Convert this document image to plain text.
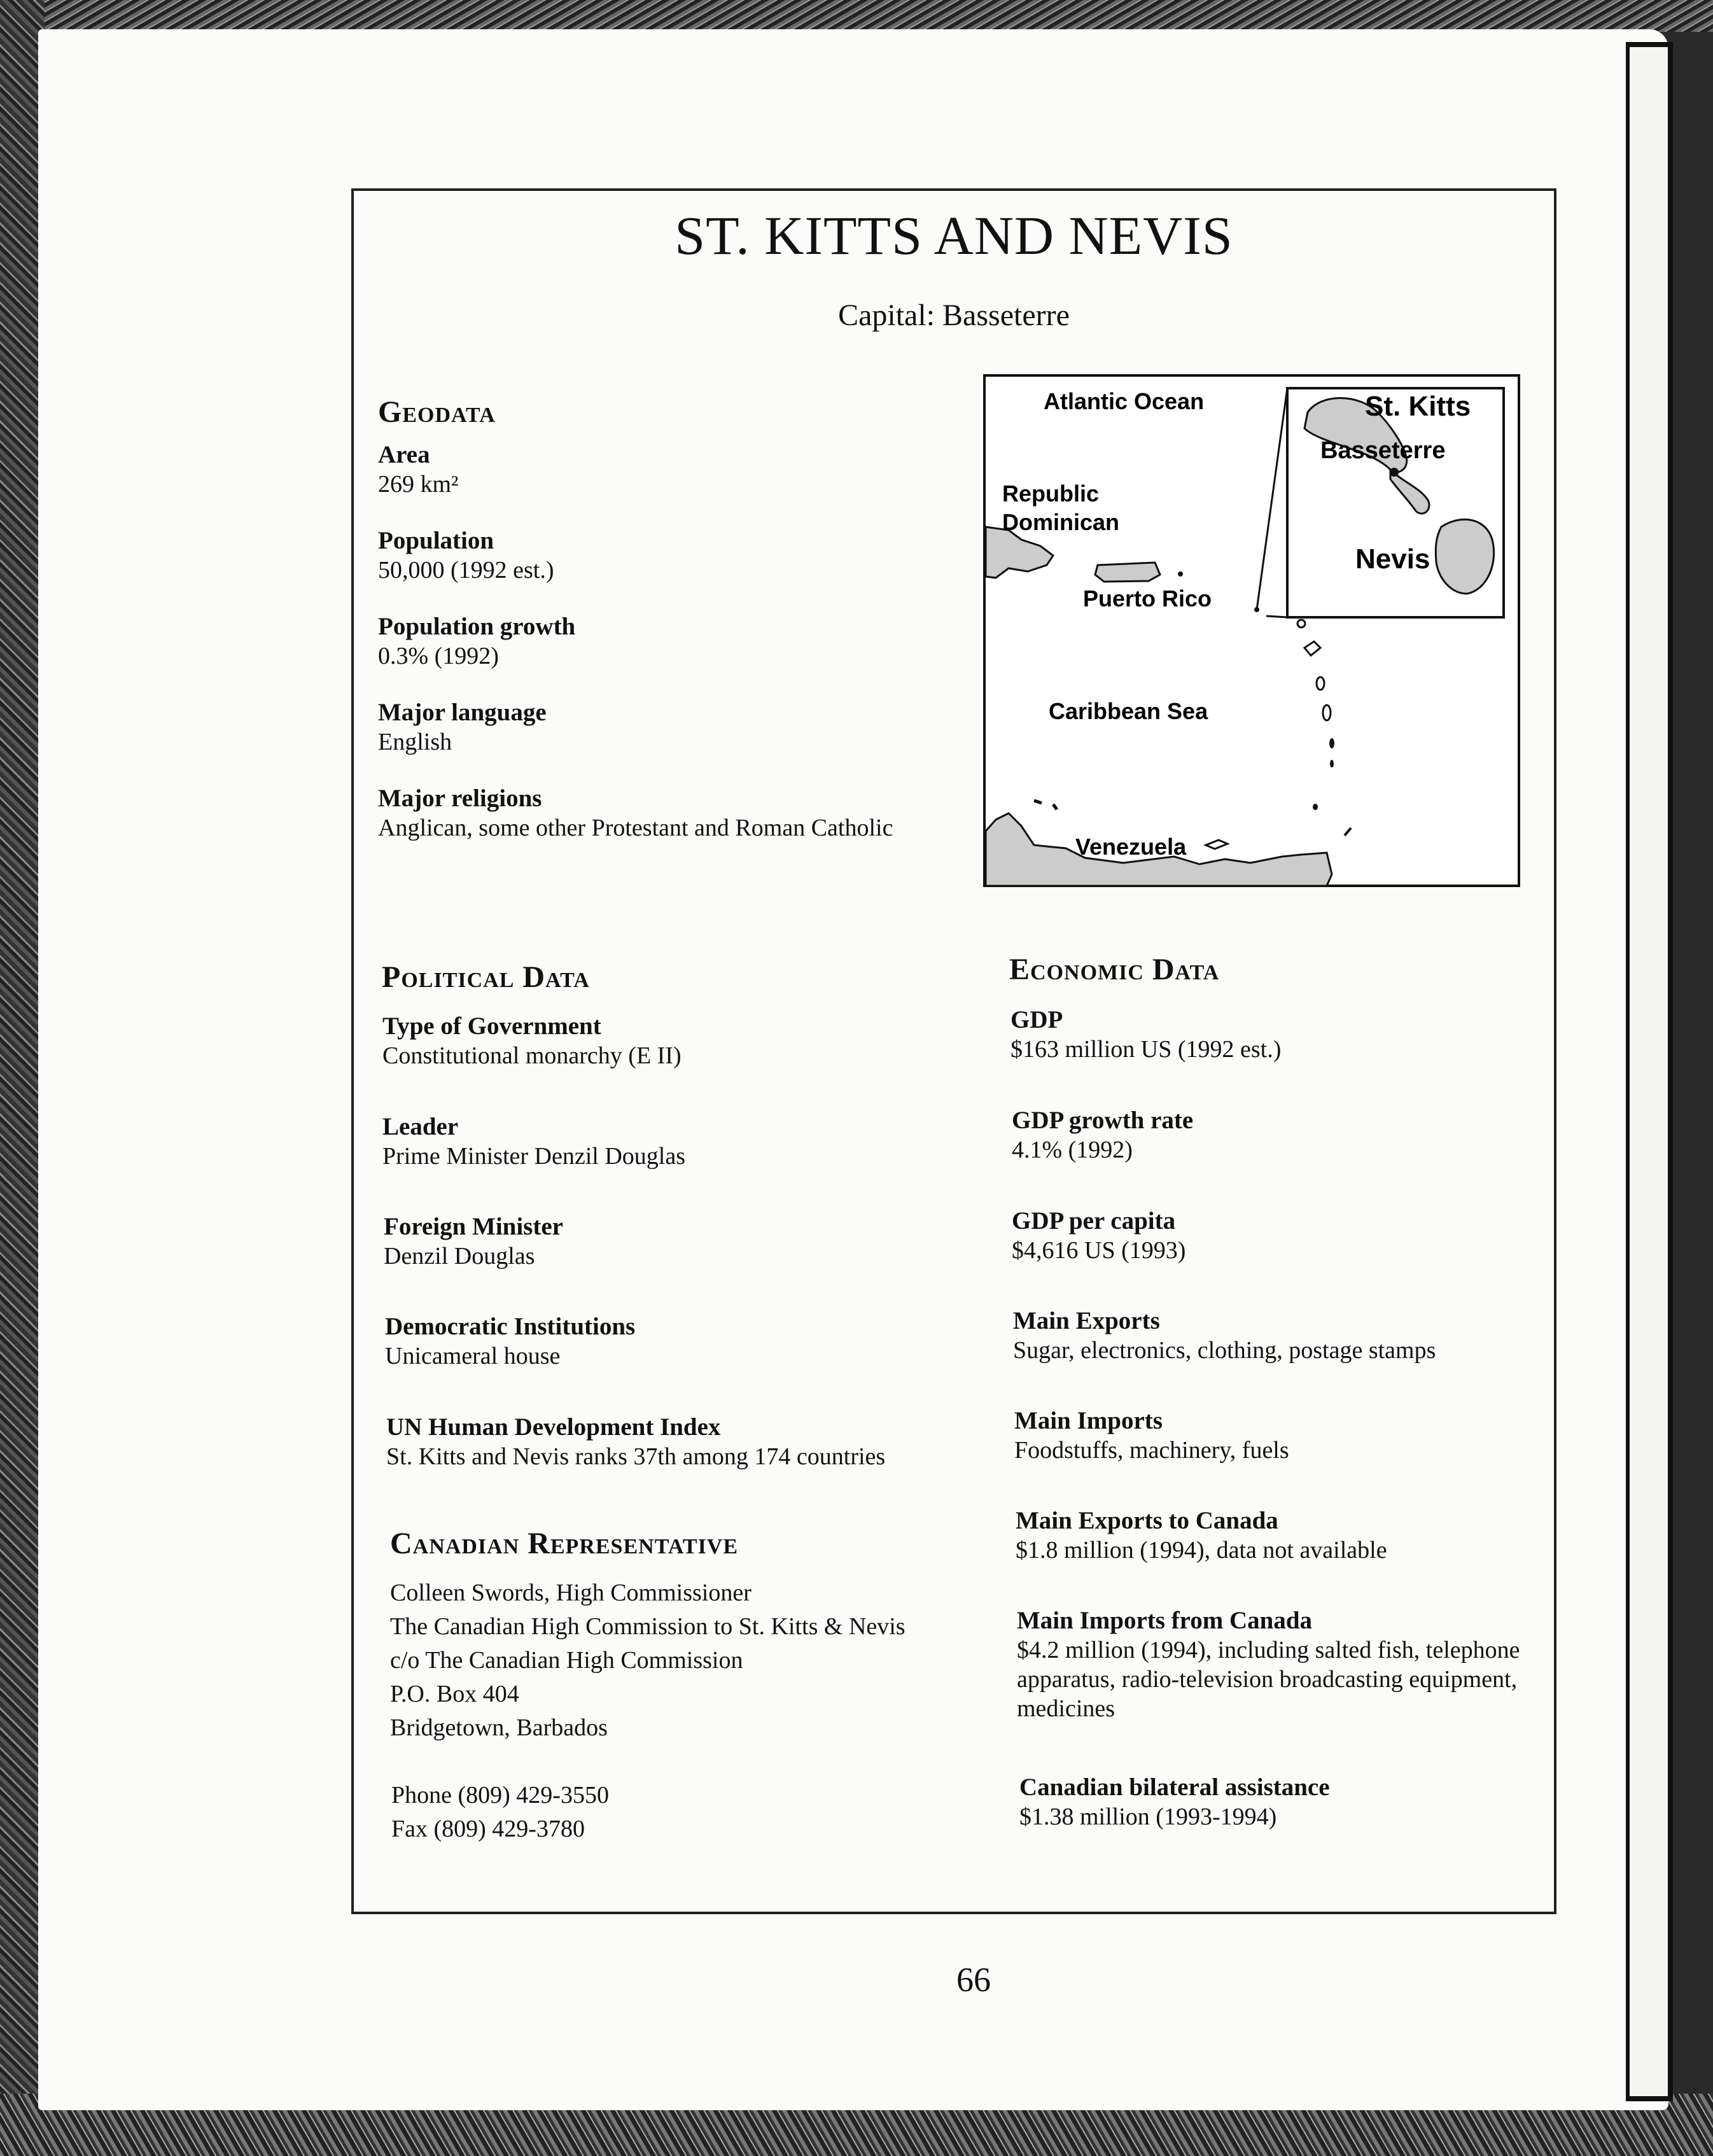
ST. KITTS AND NEVIS
Capital: Basseterre
Atlantic Ocean
Republic
Dominican
Puerto Rico
Caribbean Sea
Venezuela
St. Kitts
Basseterre
Nevis
Geodata
Area
269 km²
Population
50,000 (1992 est.)
Population growth
0.3% (1992)
Major language
English
Major religions
Anglican, some other Protestant and Roman Catholic
Political Data
Type of Government
Constitutional monarchy (E II)
Leader
Prime Minister Denzil Douglas
Foreign Minister
Denzil Douglas
Democratic Institutions
Unicameral house
UN Human Development Index
St. Kitts and Nevis ranks 37th among 174 countries
Canadian Representative
Colleen Swords, High Commissioner
The Canadian High Commission to St. Kitts & Nevis
c/o The Canadian High Commission
P.O. Box 404
Bridgetown, Barbados
Phone (809) 429-3550
Fax (809) 429-3780
Economic Data
GDP
$163 million US (1992 est.)
GDP growth rate
4.1% (1992)
GDP per capita
$4,616 US (1993)
Main Exports
Sugar, electronics, clothing, postage stamps
Main Imports
Foodstuffs, machinery, fuels
Main Exports to Canada
$1.8 million (1994), data not available
Main Imports from Canada
$4.2 million (1994), including salted fish, telephone
apparatus, radio-television broadcasting equipment,
medicines
Canadian bilateral assistance
$1.38 million (1993-1994)
66
